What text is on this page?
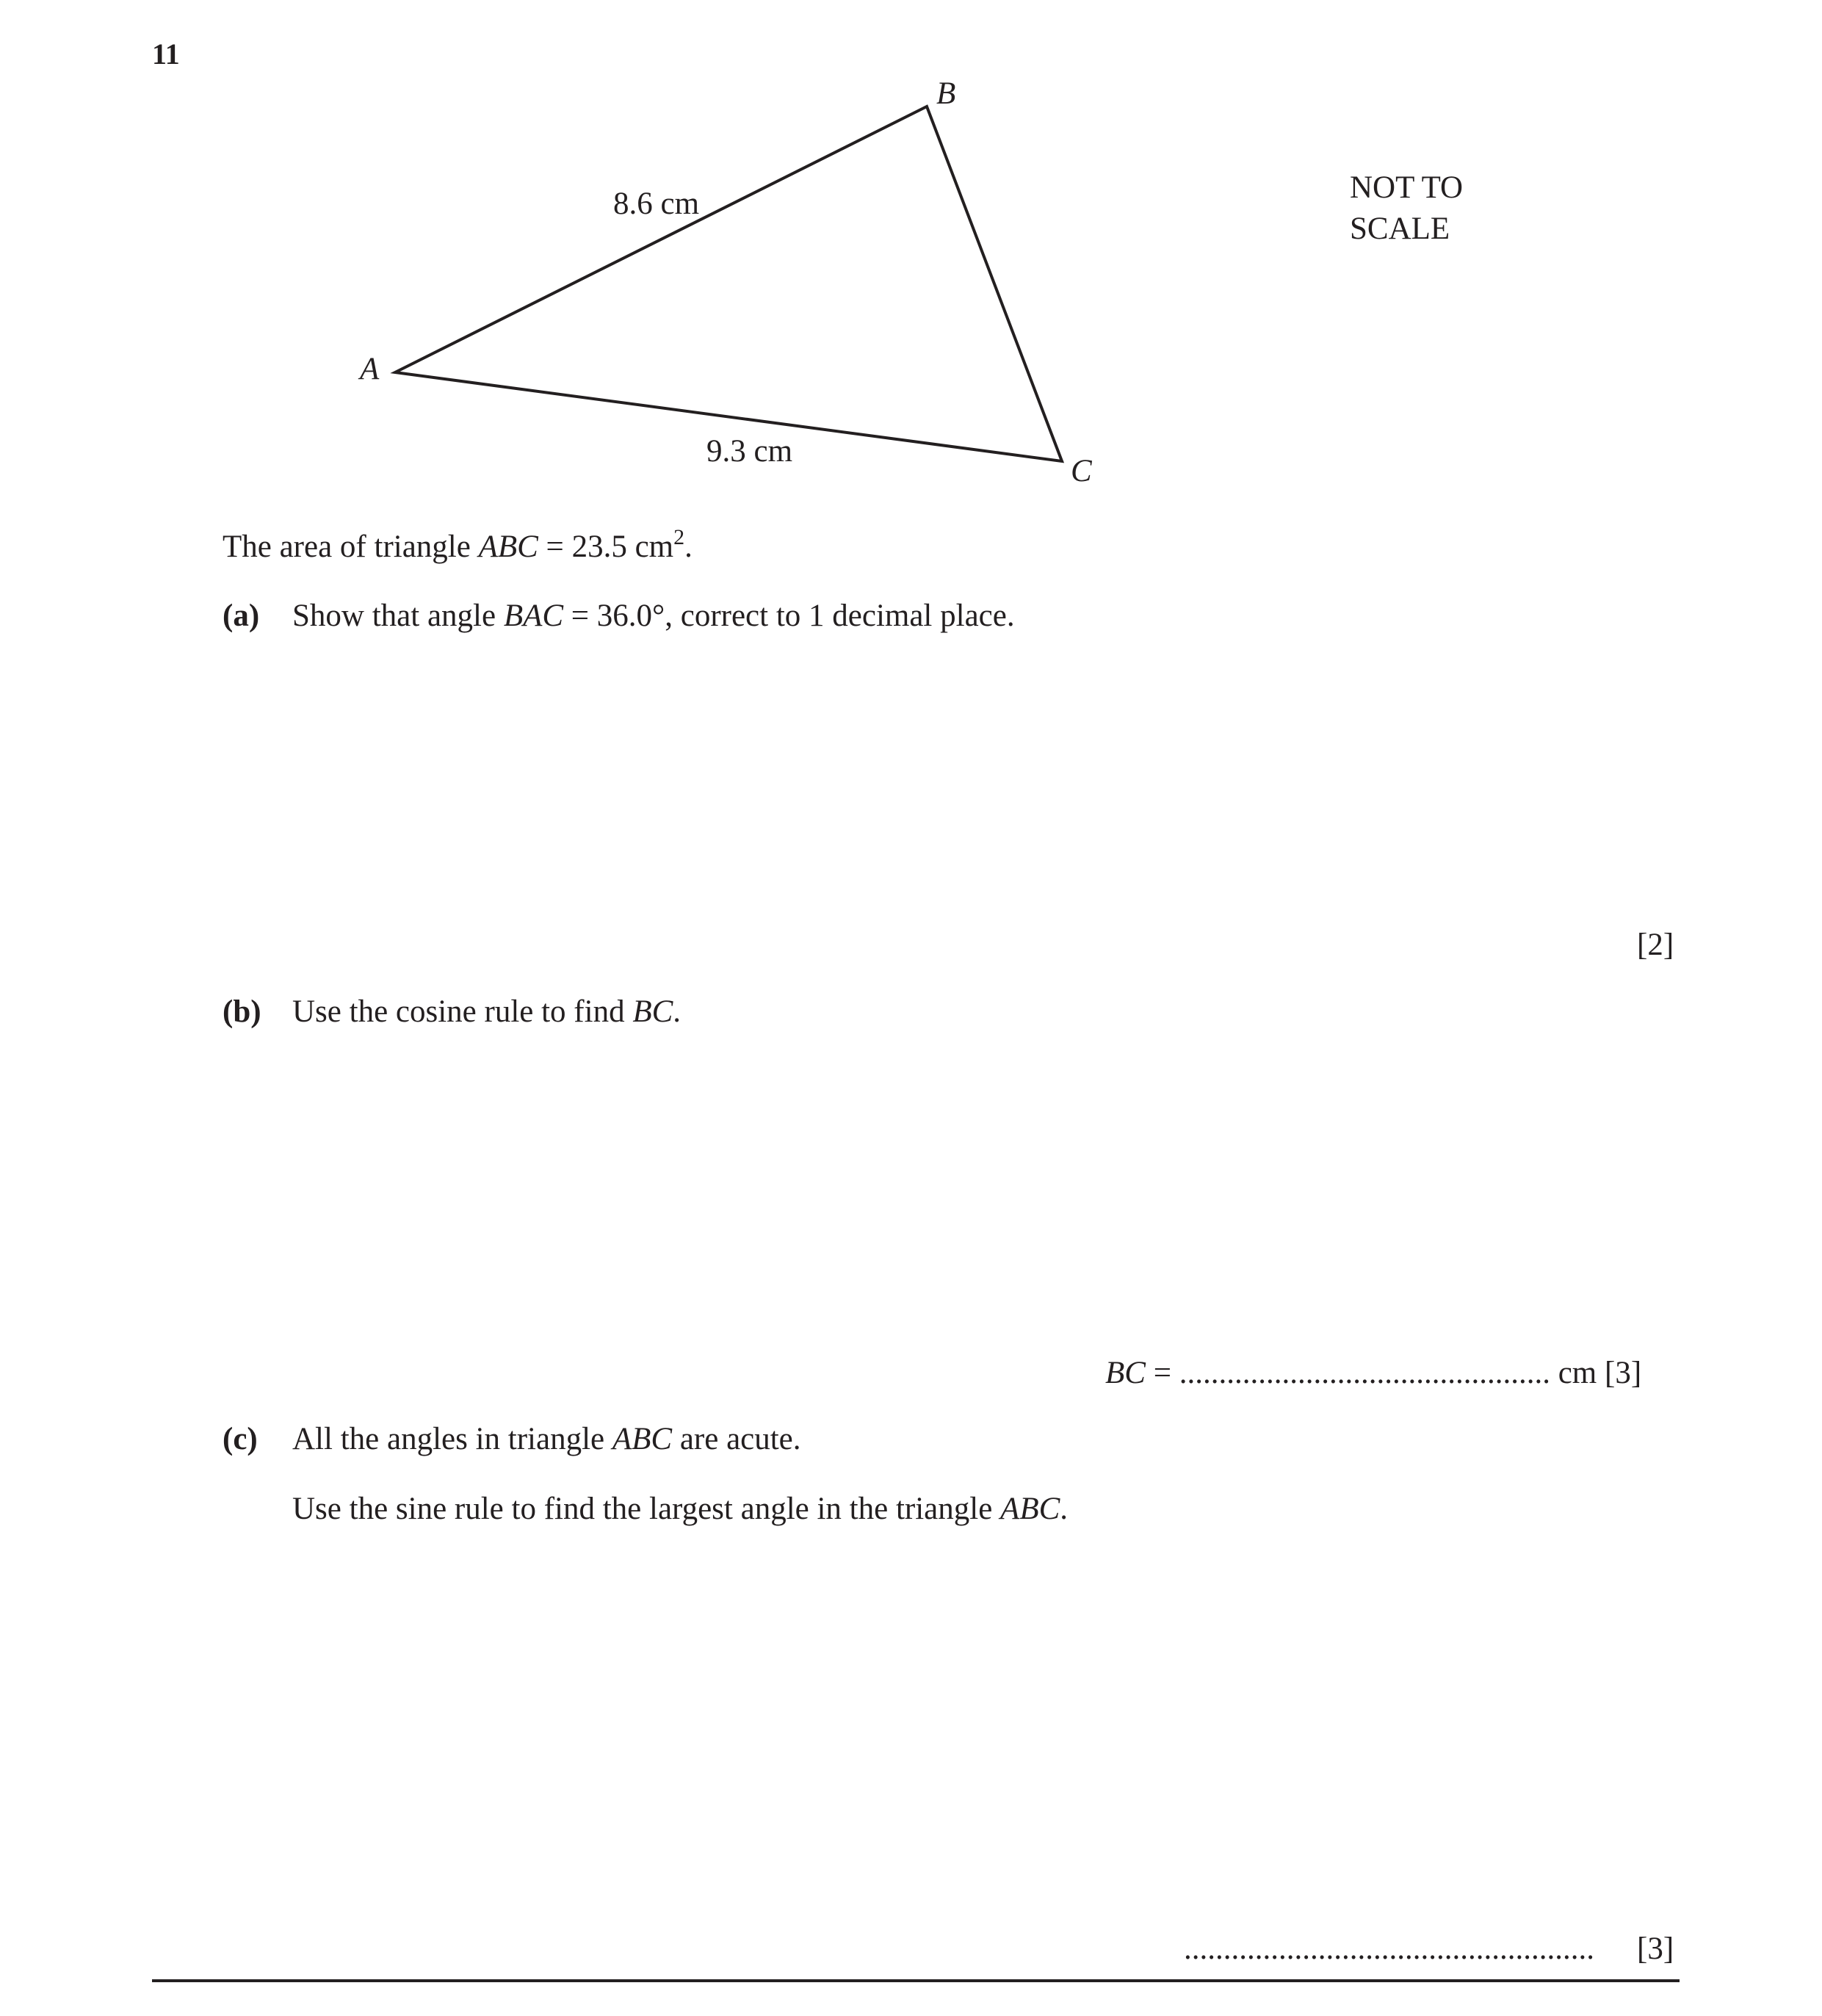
11
A
B
C
8.6 cm
9.3 cm
NOT TO
SCALE
The area of triangle ABC = 23.5 $cm^2$.
(a) Show that angle BAC = 36.0°, correct to 1 decimal place.
[2]
(b) Use the cosine rule to find BC.
BC = ............................................... cm [3]
(c) All the angles in triangle ABC are acute.
Use the sine rule to find the largest angle in the triangle ABC.
.................................................... [3]
